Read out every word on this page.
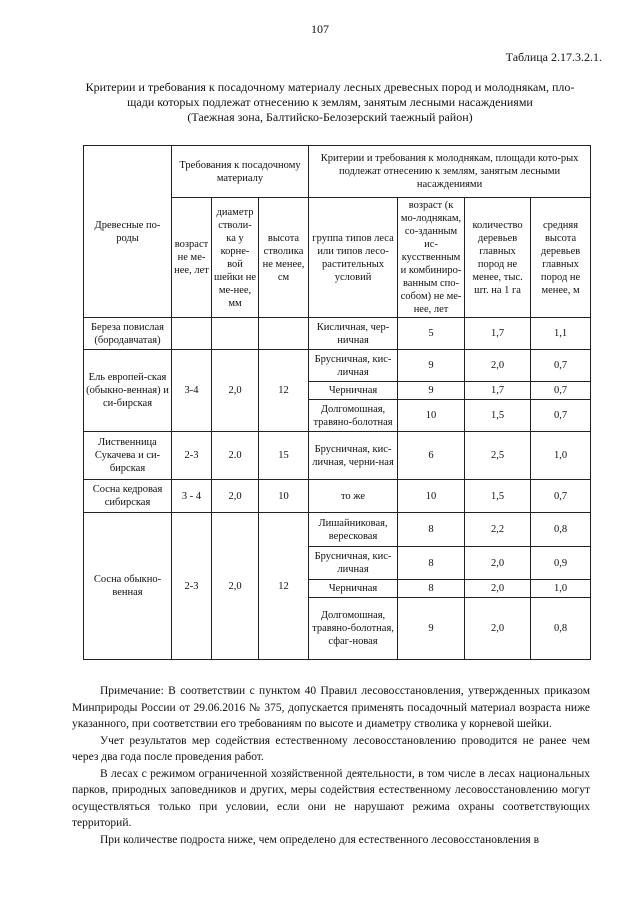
107
Таблица 2.17.3.2.1.
Критерии и требования к посадочному материалу лесных древесных пород и молоднякам, пло-
щади которых подлежат отнесению к землям, занятым лесными насаждениями
(Таежная зона, Балтийско-Белозерский таежный район)
Древесные по-роды	Требования к посадочному материалу			Критерии и требования к молоднякам, площади кото-рых подлежат отнесению к землям, занятым лесными насаждениями			
	возраст не ме-нее, лет	диаметр стволи-ка у корне-вой шейки не ме-нее, мм	высота стволика не менее, см	группа типов леса или типов лесо-растительных условий	возраст (к мо-лоднякам, со-зданным ис-кусственным и комбиниро-ванным спо-собом) не ме-нее, лет	количество деревьев главных пород не менее, тыс. шт. на 1 га	средняя высота деревьев главных пород не менее, м
Береза повислая (бородавчатая)				Кисличная, чер-ничная	5	1,7	1,1
Ель европей-ская (обыкно-венная) и си-бирская	3-4	2,0	12	Брусничная, кис-личная	9	2,0	0,7
				Черничная	9	1,7	0,7
				Долгомошная, травяно-болотная	10	1,5	0,7
Лиственница Сукачева и си-бирская	2-3	2.0	15	Брусничная, кис-личная, черни-ная	6	2,5	1,0
Сосна кедровая сибирская	3 - 4	2,0	10	то же	10	1,5	0,7
Сосна обыкно-венная	2-3	2,0	12	Лишайниковая, вересковая	8	2,2	0,8
				Брусничная, кис-личная	8	2,0	0,9
				Черничная	8	2,0	1,0
				Долгомошная, травяно-болотная, сфаг-новая	9	2,0	0,8

Примечание: В соответствии с пунктом 40 Правил лесовосстановления, утвержденных приказом Минприроды России от 29.06.2016 № 375, допускается применять посадочный материал возраста ниже указанного, при соответствии его требованиям по высоте и диаметру стволика у корневой шейки.

Учет результатов мер содействия естественному лесовосстановлению проводится не ранее чем через два года после проведения работ.

В лесах с режимом ограниченной хозяйственной деятельности, в том числе в лесах национальных парков, природных заповедников и других, меры содействия естественному лесовосстановлению могут осуществляться только при условии, если они не нарушают режима охраны соответствующих территорий.

При количестве подроста ниже, чем определено для естественного лесовосстановления в
